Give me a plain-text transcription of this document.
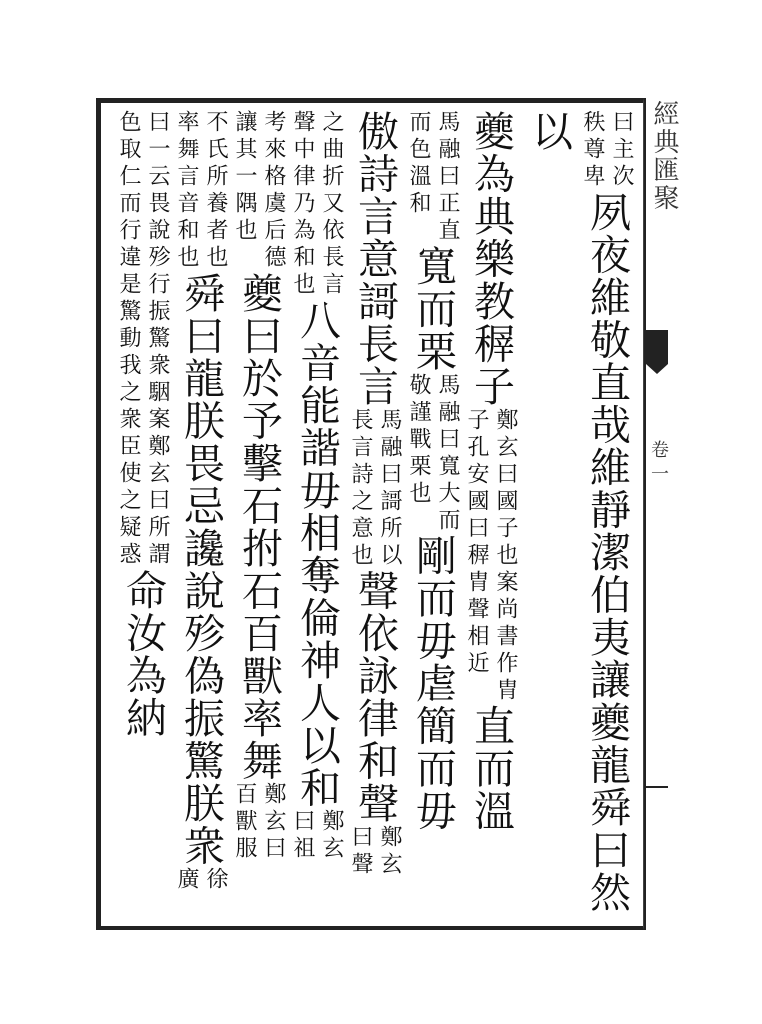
經典匯聚
卷一
曰主次
秩尊卑
夙夜維敬直哉維靜潔伯夷讓夔龍舜曰然以
夔為典樂教稺子
鄭玄曰國子也案尚書作胄
子孔安國曰稺胄聲相近
直而溫
馬融曰正直
而色溫和
寬而栗
馬融曰寬大而
敬謹戰栗也
剛而毋虐簡而毋
傲詩言意謌長言
馬融曰謌所以
長言詩之意也
聲依詠律和聲
鄭玄
曰聲
之曲折又依長言
聲中律乃為和也
八音能諧毋相奪倫神人以和
鄭玄
曰祖
考來格虞后德
讓其一隅也
夔曰於予擊石拊石百獸率舞
鄭玄曰
百獸服
不氏所養者也
率舞言音和也
舜曰龍朕畏忌讒說殄偽振驚朕衆
徐
廣
曰一云畏說殄行振驚衆駰案鄭玄曰所謂
色取仁而行違是驚動我之衆臣使之疑惑
命汝為納
